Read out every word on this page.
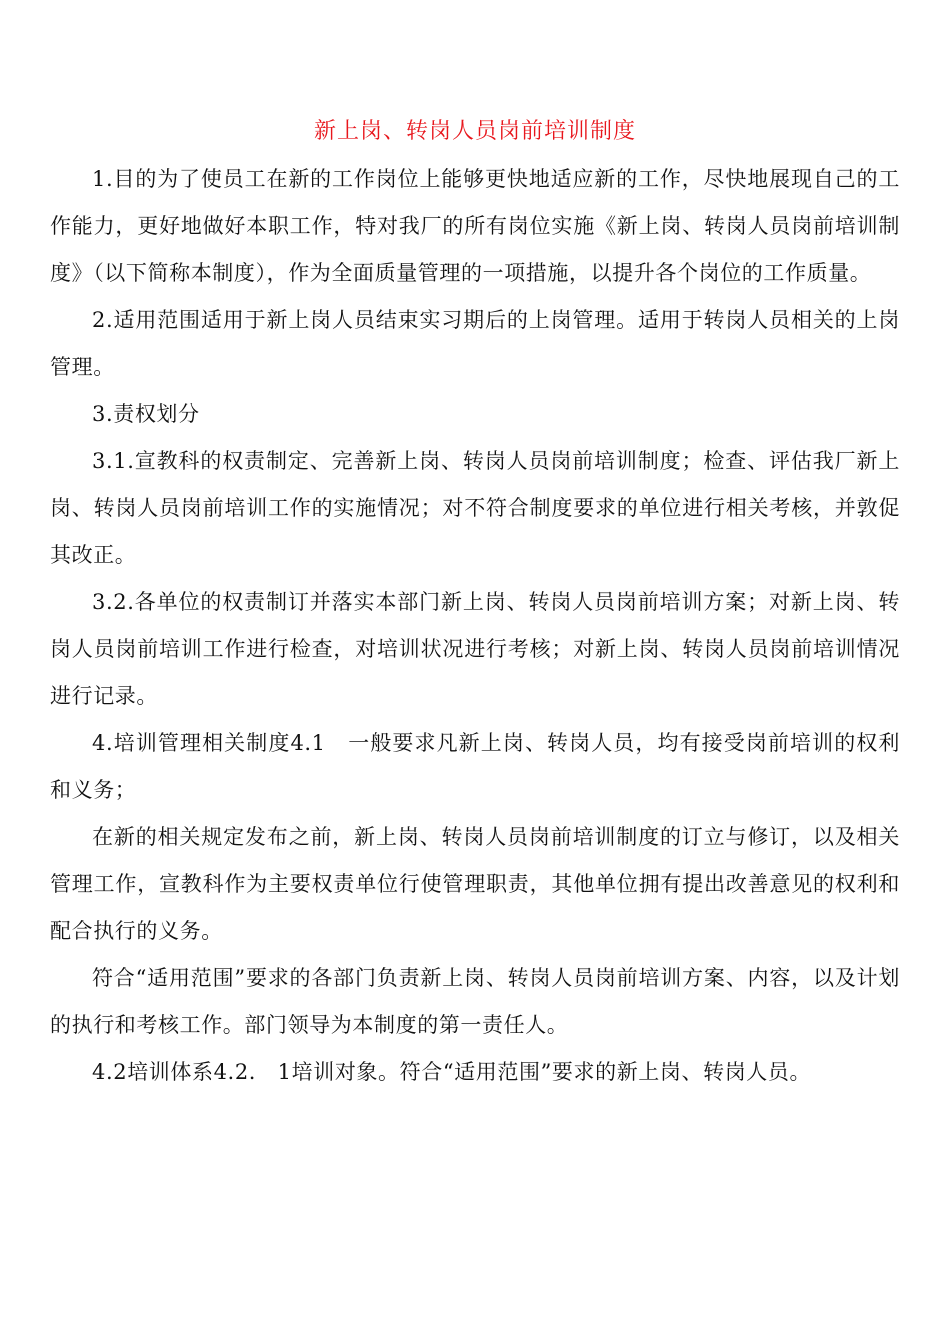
新上岗、转岗人员岗前培训制度

1.目的为了使员工在新的工作岗位上能够更快地适应新的工作，尽快地展现自己的工作能力，更好地做好本职工作，特对我厂的所有岗位实施《新上岗、转岗人员岗前培训制度》（以下简称本制度），作为全面质量管理的一项措施，以提升各个岗位的工作质量。

2.适用范围适用于新上岗人员结束实习期后的上岗管理。适用于转岗人员相关的上岗管理。

3.责权划分

3.1.宣教科的权责制定、完善新上岗、转岗人员岗前培训制度；检查、评估我厂新上岗、转岗人员岗前培训工作的实施情况；对不符合制度要求的单位进行相关考核，并敦促其改正。

3.2.各单位的权责制订并落实本部门新上岗、转岗人员岗前培训方案；对新上岗、转岗人员岗前培训工作进行检查，对培训状况进行考核；对新上岗、转岗人员岗前培训情况进行记录。

4.培训管理相关制度4.1　一般要求凡新上岗、转岗人员，均有接受岗前培训的权利和义务；

在新的相关规定发布之前，新上岗、转岗人员岗前培训制度的订立与修订，以及相关管理工作，宣教科作为主要权责单位行使管理职责，其他单位拥有提出改善意见的权利和配合执行的义务。

符合“适用范围”要求的各部门负责新上岗、转岗人员岗前培训方案、内容，以及计划的执行和考核工作。部门领导为本制度的第一责任人。

4.2培训体系4.2.　1培训对象。符合“适用范围”要求的新上岗、转岗人员。
